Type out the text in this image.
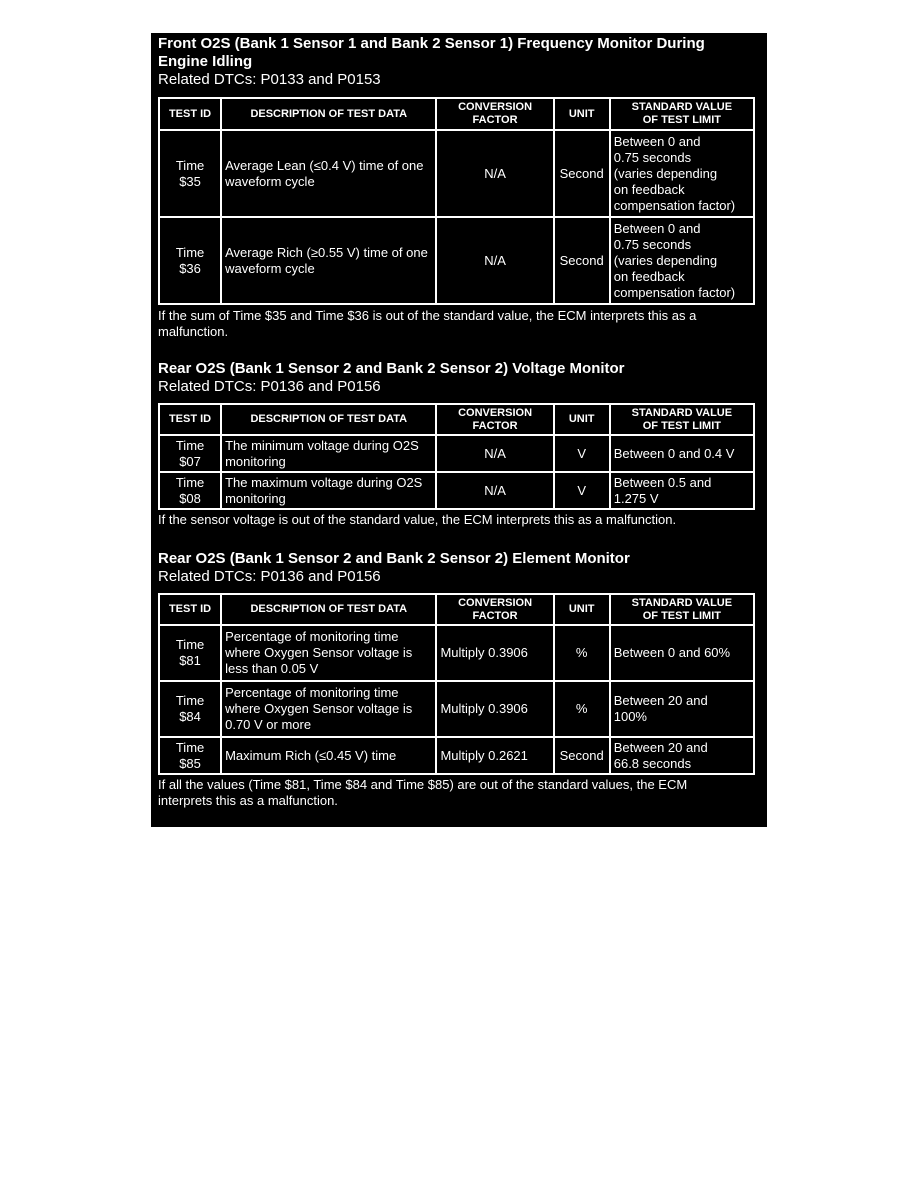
Front O2S (Bank 1 Sensor 1 and Bank 2 Sensor 1) Frequency Monitor During Engine Idling

Related DTCs: P0133 and P0153

TEST ID	DESCRIPTION OF TEST DATA	CONVERSION
FACTOR	UNIT	STANDARD VALUE
OF TEST LIMIT
Time
$35	Average Lean (≤0.4 V) time of one waveform cycle	N/A	Second	Between 0 and
0.75 seconds
(varies depending
on feedback
compensation factor)
Time
$36	Average Rich (≥0.55 V) time of one waveform cycle	N/A	Second	Between 0 and
0.75 seconds
(varies depending
on feedback
compensation factor)

If the sum of Time $35 and Time $36 is out of the standard value, the ECM interprets this as a malfunction.

Rear O2S (Bank 1 Sensor 2 and Bank 2 Sensor 2) Voltage Monitor

Related DTCs: P0136 and P0156

TEST ID	DESCRIPTION OF TEST DATA	CONVERSION
FACTOR	UNIT	STANDARD VALUE
OF TEST LIMIT
Time
$07	The minimum voltage during O2S monitoring	N/A	V	Between 0 and 0.4 V
Time
$08	The maximum voltage during O2S monitoring	N/A	V	Between 0.5 and
1.275 V

If the sensor voltage is out of the standard value, the ECM interprets this as a malfunction.

Rear O2S (Bank 1 Sensor 2 and Bank 2 Sensor 2) Element Monitor

Related DTCs: P0136 and P0156

TEST ID	DESCRIPTION OF TEST DATA	CONVERSION
FACTOR	UNIT	STANDARD VALUE
OF TEST LIMIT
Time
$81	Percentage of monitoring time where Oxygen Sensor voltage is less than 0.05 V	Multiply 0.3906	%	Between 0 and 60%
Time
$84	Percentage of monitoring time where Oxygen Sensor voltage is 0.70 V or more	Multiply 0.3906	%	Between 20 and
100%
Time
$85	Maximum Rich (≤0.45 V) time	Multiply 0.2621	Second	Between 20 and
66.8 seconds

If all the values (Time $81, Time $84 and Time $85) are out of the standard values, the ECM interprets this as a malfunction.
